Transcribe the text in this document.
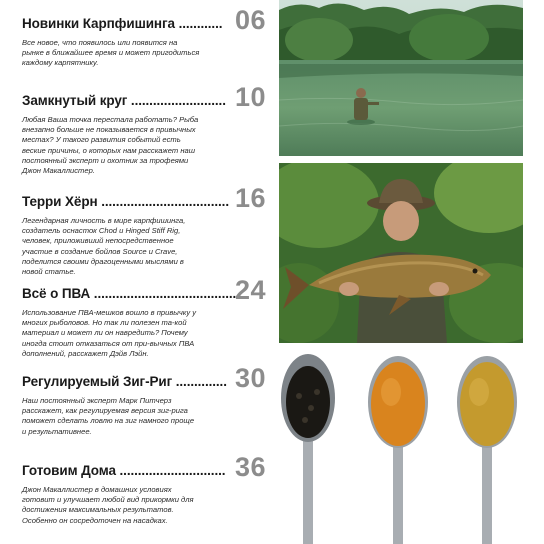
Новинки Карпфишинга ............ 06

Все новое, что появилось или появится на рынке в ближайшее время и может пригодиться каждому карпятнику.

Замкнутый круг .......................... 10

Любая Ваша точка перестала работать? Рыба внезапно больше не показывается в привычных местах? У такого развития событий есть веские причины, о которых нам расскажет наш постоянный эксперт и охотник за трофеями Джон Макаллистер.

Терри Хёрн ................................... 16

Легендарная личность в мире карпфишинга, создатель оснасток Chod и Hinged Stiff Rig, человек, приложивший непосредственное участие в создание бойлов Source и Crave, поделится своими драгоценными мыслями в новой статье.

Всё о ПВА ........................................
24

Использование ПВА-мешков вошло в привычку у многих рыболовов. Но так ли полезен та-кой материал и может ли он навредить? Почему иногда стоит отказаться от при-вычных ПВА дополнений, расскажет Дэйв Лэйн.

Регулируемый Зиг-Риг .............. 30

Наш постоянный эксперт Марк Питчерз расскажет, как регулируемая версия зиг-рига поможет сделать ловлю на зиг намного проще и результативнее.

Готовим Дома ............................. 36

Джон Макаллистер в домашних условиях готовит и улучшает любой вид прикормки для достижения максимальных результатов. Особенно он сосредоточен на насадках.
